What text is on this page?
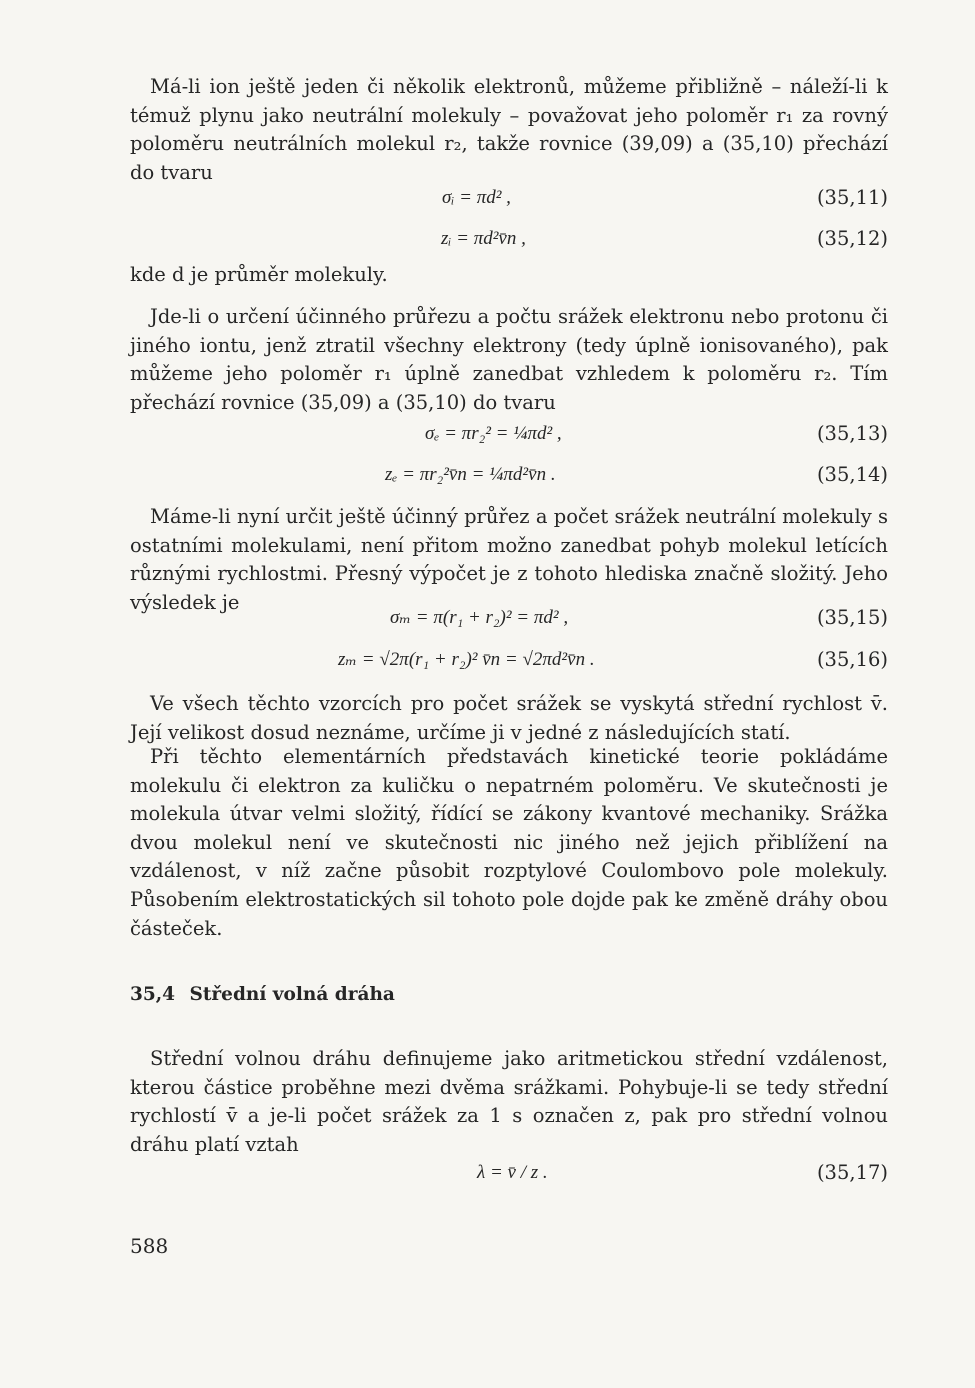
Má-li ion ještě jeden či několik elektronů, můžeme přibližně – náleží-li k témuž plynu jako neutrální molekuly – považovat jeho poloměr r₁ za rovný poloměru neutrálních molekul r₂, takže rovnice (39,09) a (35,10) přechází do tvaru

σᵢ = πd² ,	(35,11)
zᵢ = πd²v̄n ,	(35,12)

kde d je průměr molekuly.

Jde-li o určení účinného průřezu a počtu srážek elektronu nebo protonu či jiného iontu, jenž ztratil všechny elektrony (tedy úplně ionisovaného), pak můžeme jeho poloměr r₁ úplně zanedbat vzhledem k poloměru r₂. Tím přechází rovnice (35,09) a (35,10) do tvaru

σₑ = πr₂² = ¼πd² ,	(35,13)
zₑ = πr₂²v̄n = ¼πd²v̄n .	(35,14)

Máme-li nyní určit ještě účinný průřez a počet srážek neutrální molekuly s ostatními molekulami, není přitom možno zanedbat pohyb molekul letících různými rychlostmi. Přesný výpočet je z tohoto hlediska značně složitý. Jeho výsledek je

σₘ = π(r₁ + r₂)² = πd² ,	(35,15)
zₘ = √2π(r₁ + r₂)² v̄n = √2πd²v̄n .	(35,16)

Ve všech těchto vzorcích pro počet srážek se vyskytá střední rychlost v̄. Její velikost dosud neznáme, určíme ji v jedné z následujících statí.

Při těchto elementárních představách kinetické teorie pokládáme molekulu či elektron za kuličku o nepatrném poloměru. Ve skutečnosti je molekula útvar velmi složitý, řídící se zákony kvantové mechaniky. Srážka dvou molekul není ve skutečnosti nic jiného než jejich přiblížení na vzdálenost, v níž začne působit rozptylové Coulombovo pole molekuly. Působením elektrostatických sil tohoto pole dojde pak ke změně dráhy obou částeček.

35,4 Střední volná dráha

Střední volnou dráhu definujeme jako aritmetickou střední vzdálenost, kterou částice proběhne mezi dvěma srážkami. Pohybuje-li se tedy střední rychlostí v̄ a je-li počet srážek za 1 s označen z, pak pro střední volnou dráhu platí vztah

λ = v̄ / z .	(35,17)
588
